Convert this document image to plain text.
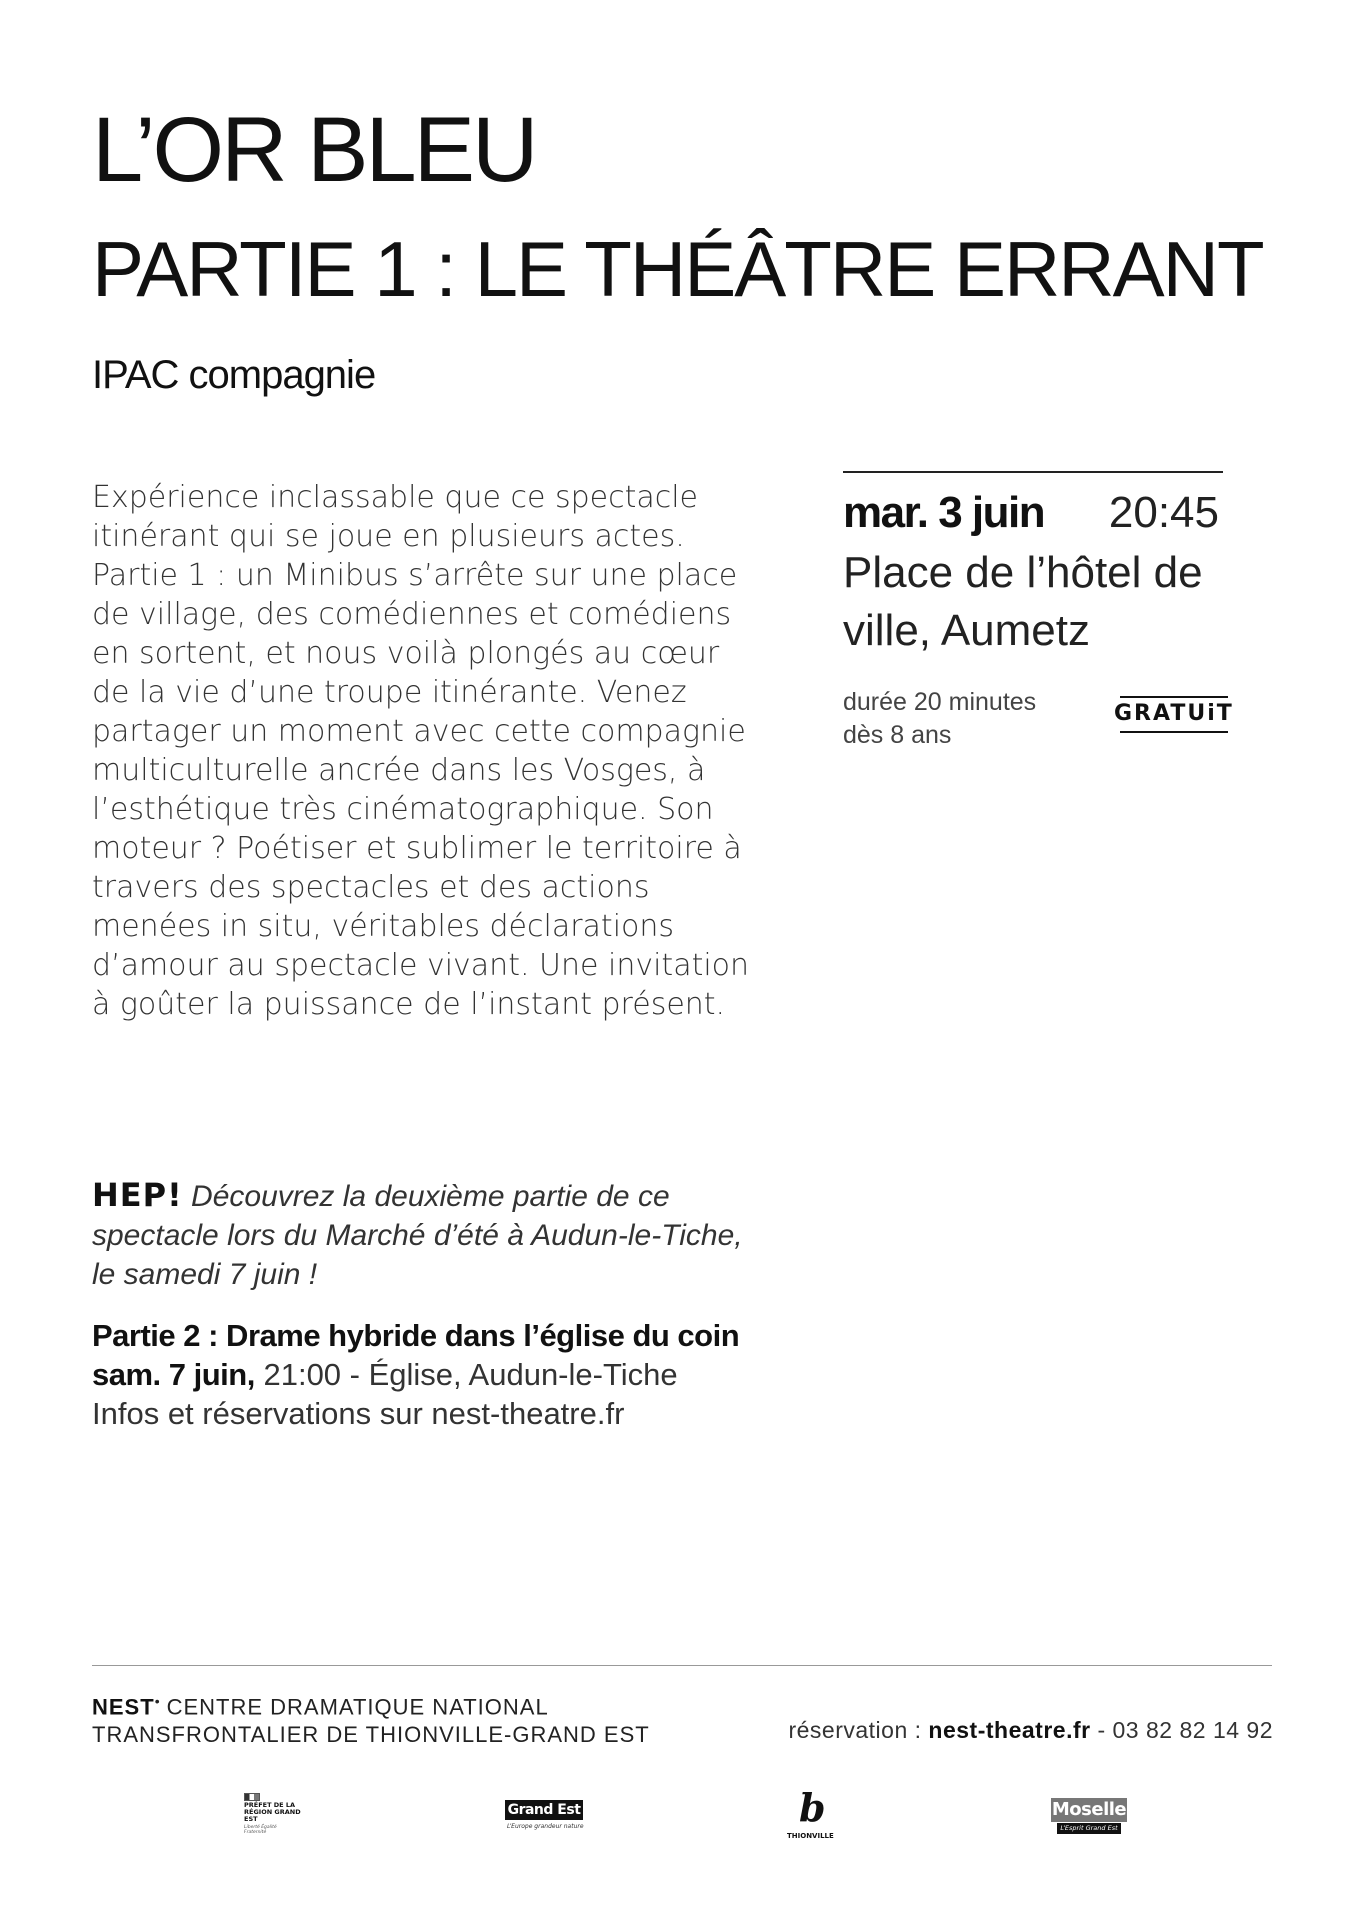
L’OR BLEU
PARTIE 1 : LE THÉÂTRE ERRANT
IPAC compagnie
Expérience inclassable que ce spectacle itinérant qui se joue en plusieurs actes. Partie 1 : un Minibus s’arrête sur une place de village, des comédiennes et comédiens en sortent, et nous voilà plongés au cœur de la vie d’une troupe itinérante. Venez partager un moment avec cette compagnie multiculturelle ancrée dans les Vosges, à l’esthétique très cinématographique. Son moteur ? Poétiser et sublimer le territoire à travers des spectacles et des actions menées in situ, véritables déclarations d’amour au spectacle vivant. Une invitation à goûter la puissance de l’instant présent.
mar. 3 juin 20:45
Place de l’hôtel de ville, Aumetz
durée 20 minutes
dès 8 ans
GRATUiT
HEP! Découvrez la deuxième partie de ce spectacle lors du Marché d’été à Audun-le-Tiche, le samedi 7 juin !
Partie 2 : Drame hybride dans l’église du coin
sam. 7 juin, 21:00 - Église, Audun-le-Tiche
Infos et réservations sur nest-theatre.fr
NEST• CENTRE DRAMATIQUE NATIONAL
TRANSFRONTALIER DE THIONVILLE-GRAND EST	réservation : nest-theatre.fr - 03 82 82 14 92
PRÉFET DE LA RÉGION GRAND EST
Liberté Égalité Fraternité
Grand Est
L’Europe grandeur nature	b
THIONVILLE
Moselle
L’Esprit Grand Est
